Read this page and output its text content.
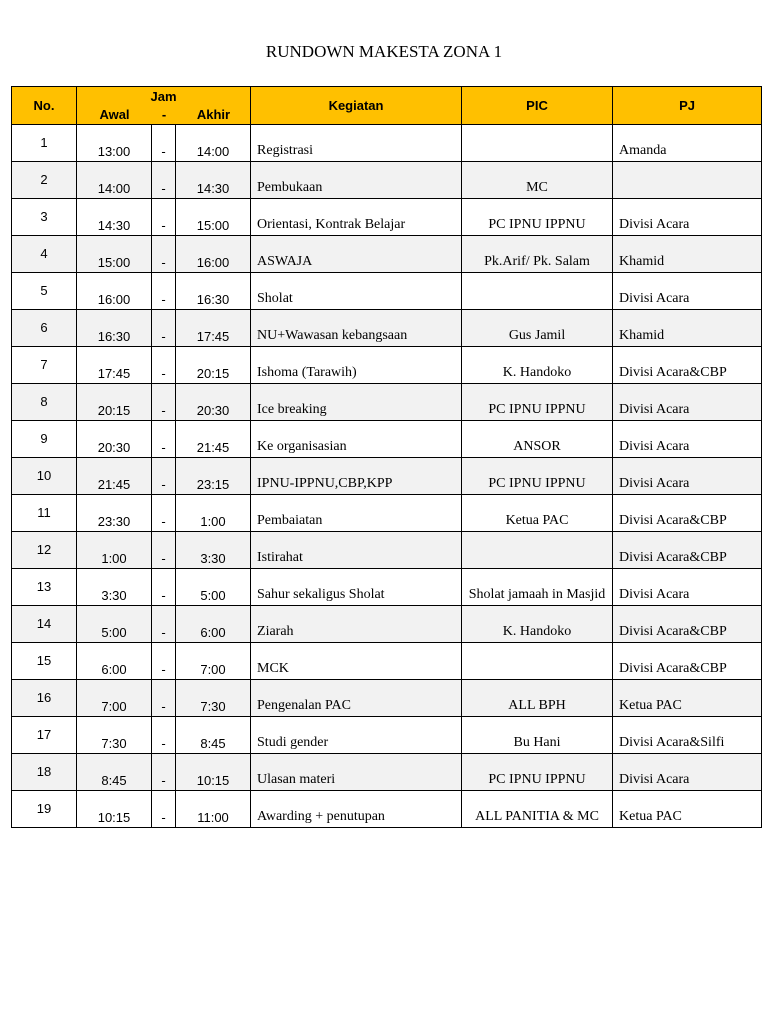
RUNDOWN MAKESTA ZONA 1
No.	Jam
Awal - Akhir			Kegiatan	PIC	PJ
1	13:00	-	14:00	Registrasi		Amanda
2	14:00	-	14:30	Pembukaan	MC	
3	14:30	-	15:00	Orientasi, Kontrak Belajar	PC IPNU IPPNU	Divisi Acara
4	15:00	-	16:00	ASWAJA	Pk.Arif/ Pk. Salam	Khamid
5	16:00	-	16:30	Sholat		Divisi Acara
6	16:30	-	17:45	NU+Wawasan kebangsaan	Gus Jamil	Khamid
7	17:45	-	20:15	Ishoma (Tarawih)	K. Handoko	Divisi Acara&CBP
8	20:15	-	20:30	Ice breaking	PC IPNU IPPNU	Divisi Acara
9	20:30	-	21:45	Ke organisasian	ANSOR	Divisi Acara
10	21:45	-	23:15	IPNU-IPPNU,CBP,KPP	PC IPNU IPPNU	Divisi Acara
11	23:30	-	1:00	Pembaiatan	Ketua PAC	Divisi Acara&CBP
12	1:00	-	3:30	Istirahat		Divisi Acara&CBP
13	3:30	-	5:00	Sahur sekaligus Sholat	Sholat jamaah in Masjid	Divisi Acara
14	5:00	-	6:00	Ziarah	K. Handoko	Divisi Acara&CBP
15	6:00	-	7:00	MCK		Divisi Acara&CBP
16	7:00	-	7:30	Pengenalan PAC	ALL BPH	Ketua PAC
17	7:30	-	8:45	Studi gender	Bu Hani	Divisi Acara&Silfi
18	8:45	-	10:15	Ulasan materi	PC IPNU IPPNU	Divisi Acara
19	10:15	-	11:00	Awarding + penutupan	ALL PANITIA & MC	Ketua PAC
